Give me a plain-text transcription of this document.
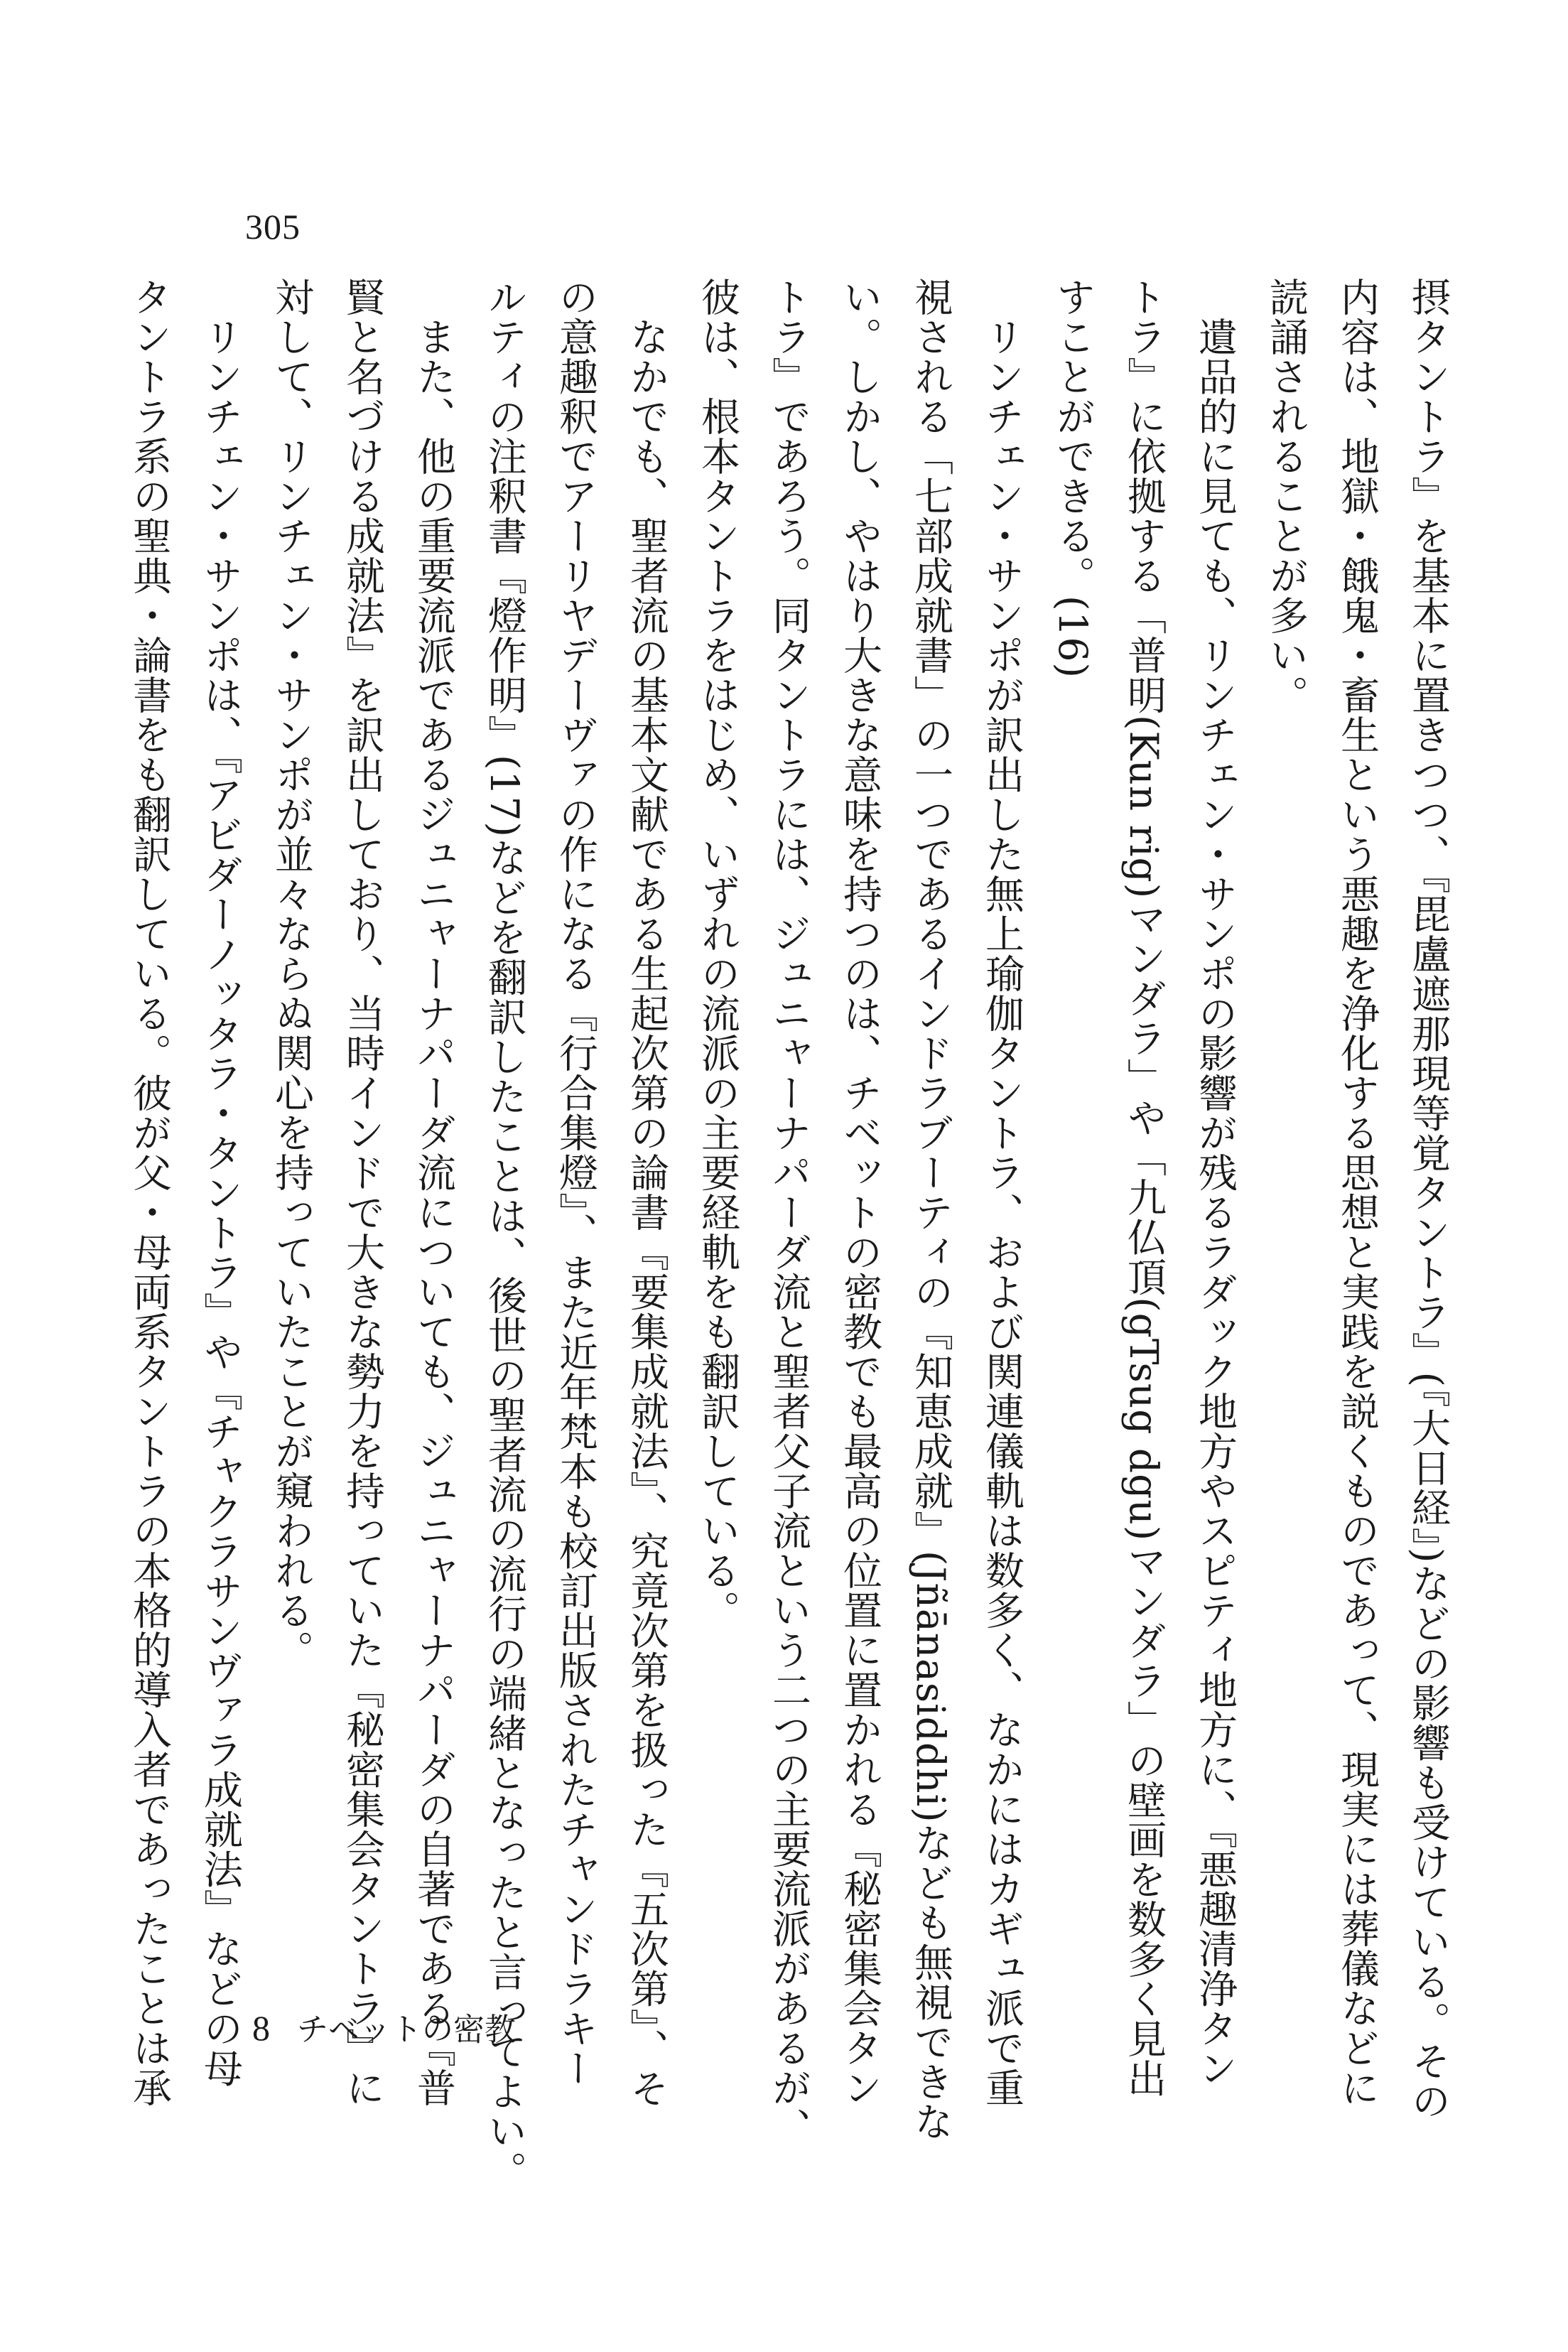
305
摂タントラ』を基本に置きつつ、『毘盧遮那現等覚タントラ』(『大日経』)などの影響も受けている。その
内容は、地獄・餓鬼・畜生という悪趣を浄化する思想と実践を説くものであって、現実には葬儀などに
読誦されることが多い。
　遺品的に見ても、リンチェン・サンポの影響が残るラダック地方やスピティ地方に、『悪趣清浄タン
トラ』に依拠する「普明(Kun rig)マンダラ」や「九仏頂(gTsug dgu)マンダラ」の壁画を数多く見出
すことができる。(16)
　リンチェン・サンポが訳出した無上瑜伽タントラ、および関連儀軌は数多く、なかにはカギュ派で重
視される「七部成就書」の一つであるインドラブーティの『知恵成就』(Jñānasiddhi)なども無視できな
い。しかし、やはり大きな意味を持つのは、チベットの密教でも最高の位置に置かれる『秘密集会タン
トラ』であろう。同タントラには、ジュニャーナパーダ流と聖者父子流という二つの主要流派があるが、
彼は、根本タントラをはじめ、いずれの流派の主要経軌をも翻訳している。
　なかでも、聖者流の基本文献である生起次第の論書『要集成就法』、究竟次第を扱った『五次第』、そ
の意趣釈でアーリヤデーヴァの作になる『行合集燈』、また近年梵本も校訂出版されたチャンドラキー
ルティの注釈書『燈作明』(17)などを翻訳したことは、後世の聖者流の流行の端緒となったと言ってよい。
　また、他の重要流派であるジュニャーナパーダ流についても、ジュニャーナパーダの自著である『普
賢と名づける成就法』を訳出しており、当時インドで大きな勢力を持っていた『秘密集会タントラ』に
対して、リンチェン・サンポが並々ならぬ関心を持っていたことが窺われる。
　リンチェン・サンポは、『アビダーノッタラ・タントラ』や『チャクラサンヴァラ成就法』などの母
タントラ系の聖典・論書をも翻訳している。彼が父・母両系タントラの本格的導入者であったことは承	8 チベットの密教
